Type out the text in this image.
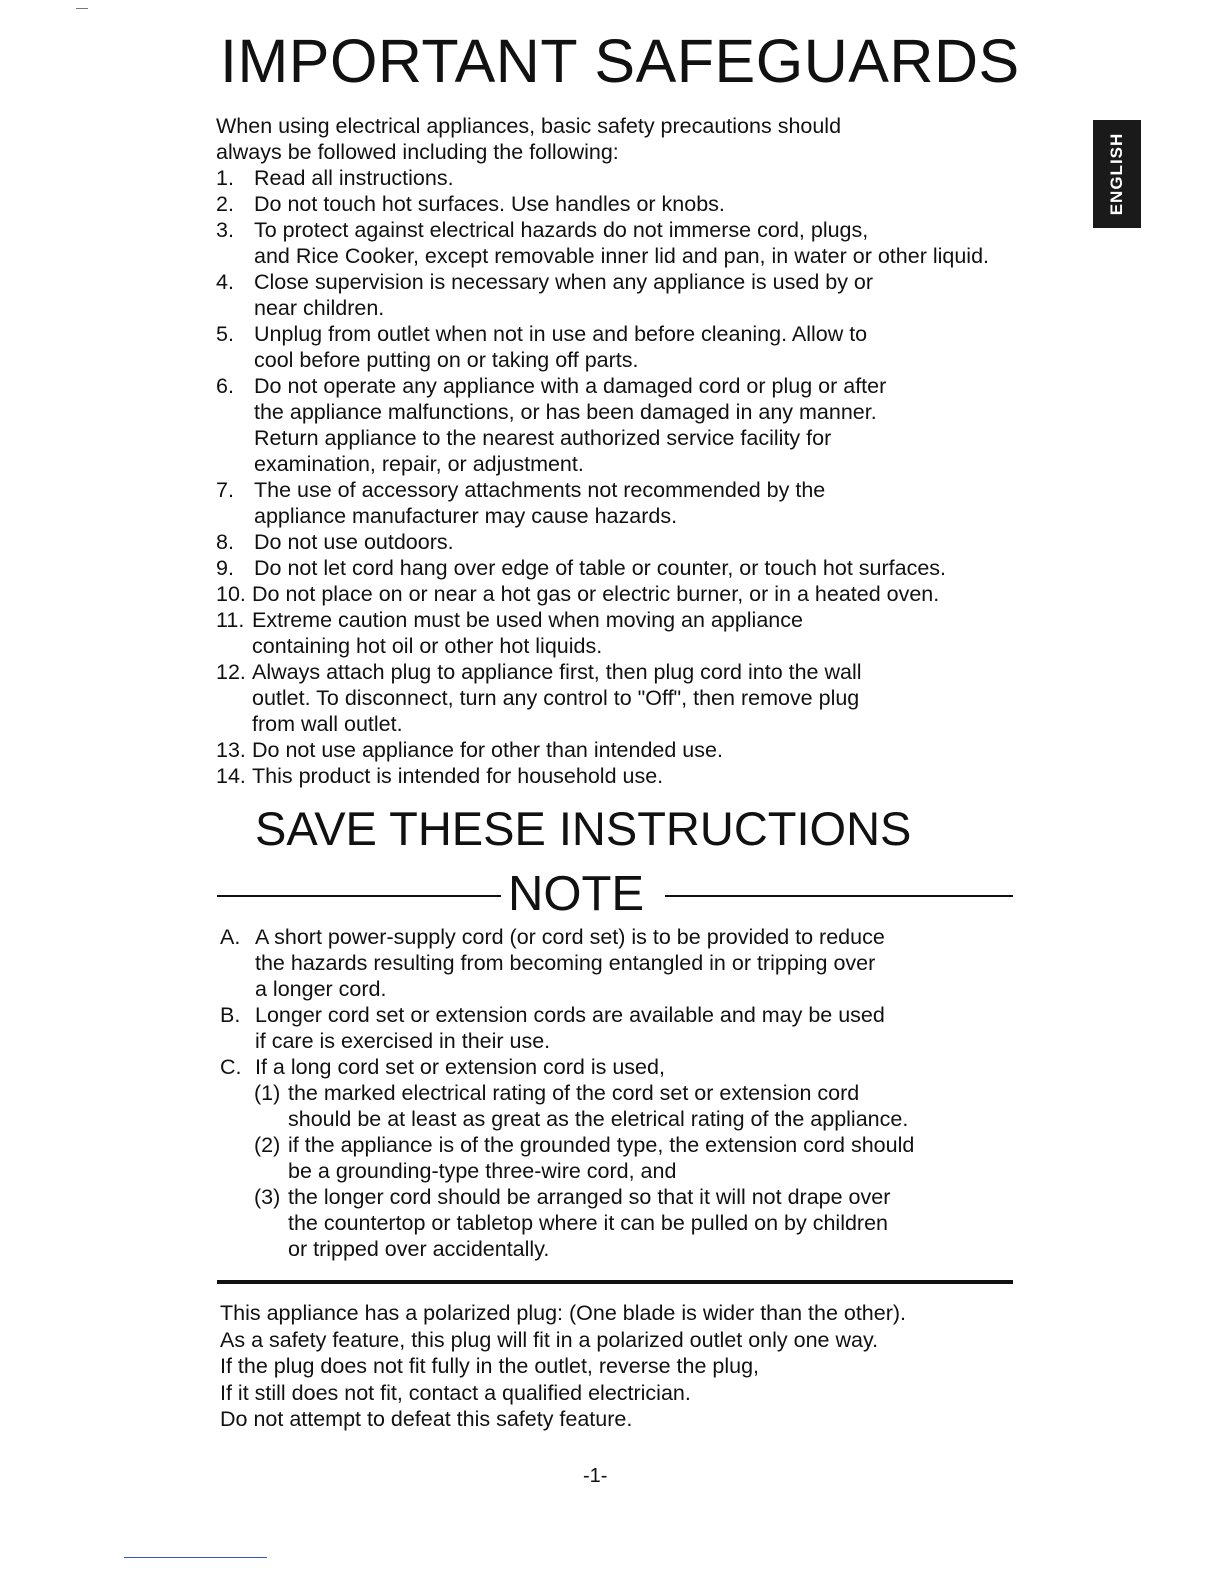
IMPORTANT SAFEGUARDS
ENGLISH
When using electrical appliances, basic safety precautions should
always be followed including the following:
1. Read all instructions.
2. Do not touch hot surfaces. Use handles or knobs.
3. To protect against electrical hazards do not immerse cord, plugs,
and Rice Cooker, except removable inner lid and pan, in water or other liquid.
4. Close supervision is necessary when any appliance is used by or
near children.
5. Unplug from outlet when not in use and before cleaning. Allow to
cool before putting on or taking off parts.
6. Do not operate any appliance with a damaged cord or plug or after
the appliance malfunctions, or has been damaged in any manner.
Return appliance to the nearest authorized service facility for
examination, repair, or adjustment.
7. The use of accessory attachments not recommended by the
appliance manufacturer may cause hazards.
8. Do not use outdoors.
9. Do not let cord hang over edge of table or counter, or touch hot surfaces.
10. Do not place on or near a hot gas or electric burner, or in a heated oven.
11. Extreme caution must be used when moving an appliance
containing hot oil or other hot liquids.
12. Always attach plug to appliance first, then plug cord into the wall
outlet. To disconnect, turn any control to "Off", then remove plug
from wall outlet.
13. Do not use appliance for other than intended use.
14. This product is intended for household use.
SAVE THESE INSTRUCTIONS
NOTE
A. A short power-supply cord (or cord set) is to be provided to reduce
the hazards resulting from becoming entangled in or tripping over
a longer cord.
B. Longer cord set or extension cords are available and may be used
if care is exercised in their use.
C. If a long cord set or extension cord is used,
(1) the marked electrical rating of the cord set or extension cord
should be at least as great as the eletrical rating of the appliance.
(2) if the appliance is of the grounded type, the extension cord should
be a grounding-type three-wire cord, and
(3) the longer cord should be arranged so that it will not drape over
the countertop or tabletop where it can be pulled on by children
or tripped over accidentally.
This appliance has a polarized plug: (One blade is wider than the other).
As a safety feature, this plug will fit in a polarized outlet only one way.
If the plug does not fit fully in the outlet, reverse the plug,
If it still does not fit, contact a qualified electrician.
Do not attempt to defeat this safety feature.
-1-
